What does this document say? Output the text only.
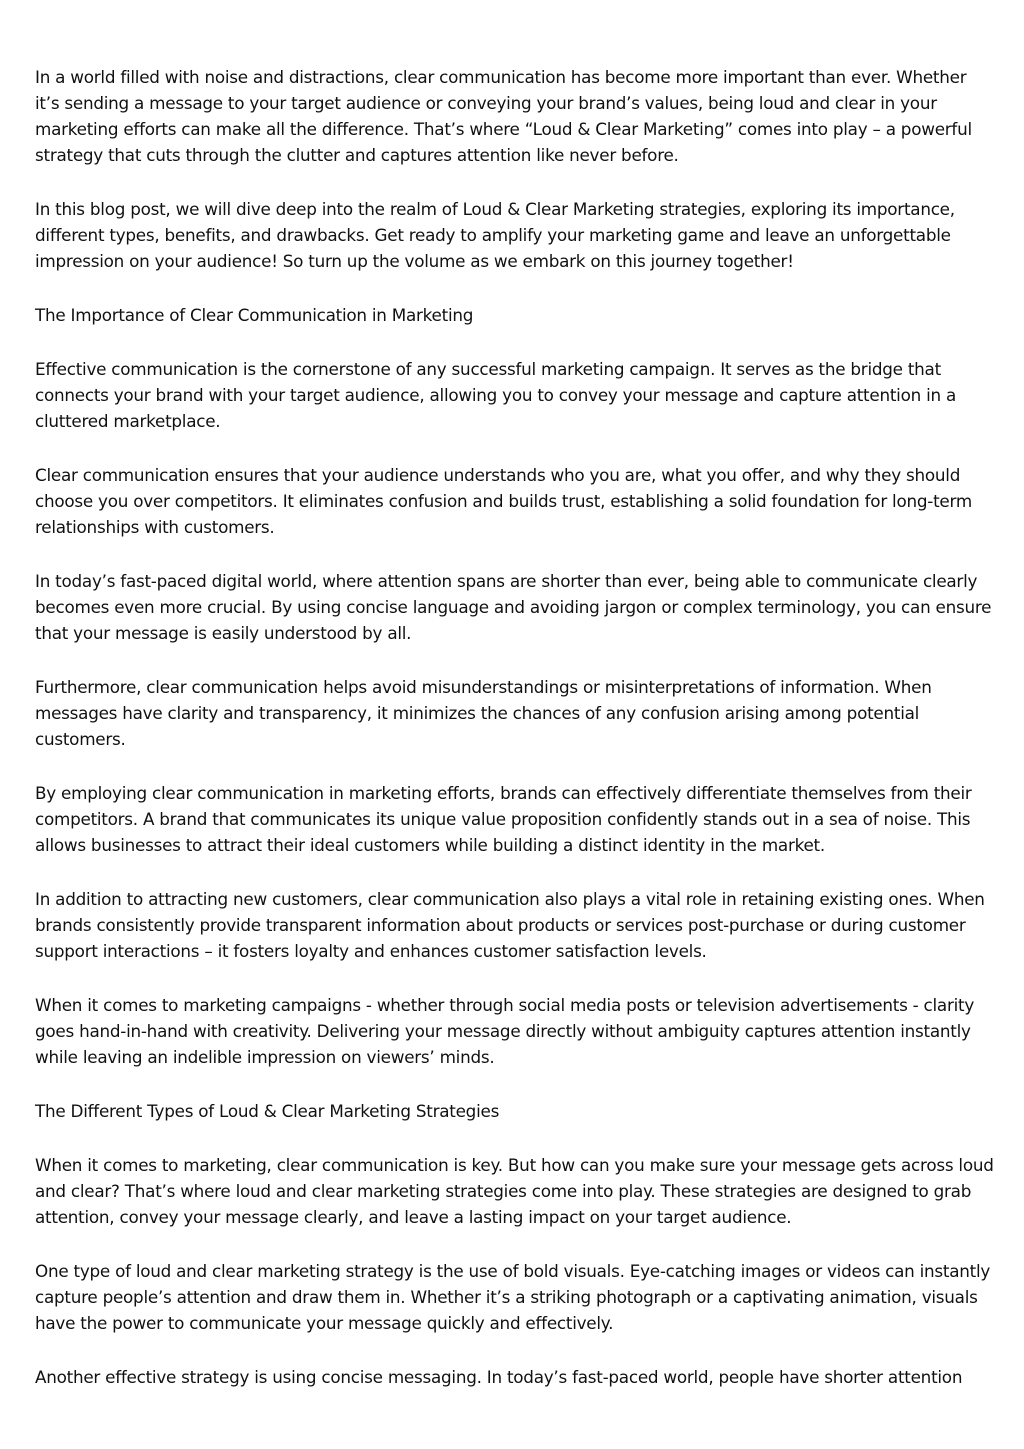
In a world filled with noise and distractions, clear communication has become more important than ever. Whether it’s sending a message to your target audience or conveying your brand’s values, being loud and clear in your marketing efforts can make all the difference. That’s where “Loud & Clear Marketing” comes into play – a powerful strategy that cuts through the clutter and captures attention like never before.

In this blog post, we will dive deep into the realm of Loud & Clear Marketing strategies, exploring its importance, different types, benefits, and drawbacks. Get ready to amplify your marketing game and leave an unforgettable impression on your audience! So turn up the volume as we embark on this journey together!

The Importance of Clear Communication in Marketing

Effective communication is the cornerstone of any successful marketing campaign. It serves as the bridge that connects your brand with your target audience, allowing you to convey your message and capture attention in a cluttered marketplace.

Clear communication ensures that your audience understands who you are, what you offer, and why they should choose you over competitors. It eliminates confusion and builds trust, establishing a solid foundation for long-term relationships with customers.

In today’s fast-paced digital world, where attention spans are shorter than ever, being able to communicate clearly becomes even more crucial. By using concise language and avoiding jargon or complex terminology, you can ensure that your message is easily understood by all.

Furthermore, clear communication helps avoid misunderstandings or misinterpretations of information. When messages have clarity and transparency, it minimizes the chances of any confusion arising among potential customers.

By employing clear communication in marketing efforts, brands can effectively differentiate themselves from their competitors. A brand that communicates its unique value proposition confidently stands out in a sea of noise. This allows businesses to attract their ideal customers while building a distinct identity in the market.

In addition to attracting new customers, clear communication also plays a vital role in retaining existing ones. When brands consistently provide transparent information about products or services post-purchase or during customer support interactions – it fosters loyalty and enhances customer satisfaction levels.

When it comes to marketing campaigns - whether through social media posts or television advertisements - clarity goes hand-in-hand with creativity. Delivering your message directly without ambiguity captures attention instantly while leaving an indelible impression on viewers’ minds.

The Different Types of Loud & Clear Marketing Strategies

When it comes to marketing, clear communication is key. But how can you make sure your message gets across loud and clear? That’s where loud and clear marketing strategies come into play. These strategies are designed to grab attention, convey your message clearly, and leave a lasting impact on your target audience.

One type of loud and clear marketing strategy is the use of bold visuals. Eye-catching images or videos can instantly capture people’s attention and draw them in. Whether it’s a striking photograph or a captivating animation, visuals have the power to communicate your message quickly and effectively.

Another effective strategy is using concise messaging. In today’s fast-paced world, people have shorter attention
